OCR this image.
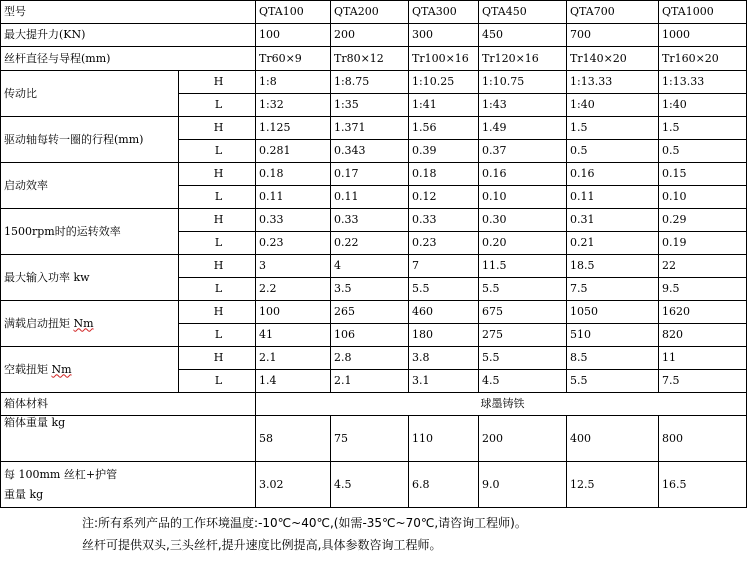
型号		QTA100	QTA200	QTA300	QTA450	QTA700	QTA1000
最大提升力(KN)		100	200	300	450	700	1000
丝杆直径与导程(mm)		Tr60×9	Tr80×12	Tr100×16	Tr120×16	Tr140×20	Tr160×20
传动比	H	1:8	1:8.75	1:10.25	1:10.75	1:13.33	1:13.33
	L	1:32	1:35	1:41	1:43	1:40	1:40
驱动轴每转一圈的行程(mm)	H	1.125	1.371	1.56	1.49	1.5	1.5
	L	0.281	0.343	0.39	0.37	0.5	0.5
启动效率	H	0.18	0.17	0.18	0.16	0.16	0.15
	L	0.11	0.11	0.12	0.10	0.11	0.10
1500rpm时的运转效率	H	0.33	0.33	0.33	0.30	0.31	0.29
	L	0.23	0.22	0.23	0.20	0.21	0.19
最大输入功率 kw	H	3	4	7	11.5	18.5	22
	L	2.2	3.5	5.5	5.5	7.5	9.5
满载启动扭矩 Nm	H	100	265	460	675	1050	1620
	L	41	106	180	275	510	820
空载扭矩 Nm	H	2.1	2.8	3.8	5.5	8.5	11
	L	1.4	2.1	3.1	4.5	5.5	7.5
箱体材料		球墨铸铁					
箱体重量 kg		58	75	110	200	400	800

每 100mm 丝杠+护管
重量 kg		3.02	4.5	6.8	9.0	12.5	16.5
注:所有系列产品的工作环境温度:-10℃~40℃,(如需-35℃~70℃,请咨询工程师)。
丝杆可提供双头,三头丝杆,提升速度比例提高,具体参数咨询工程师。
